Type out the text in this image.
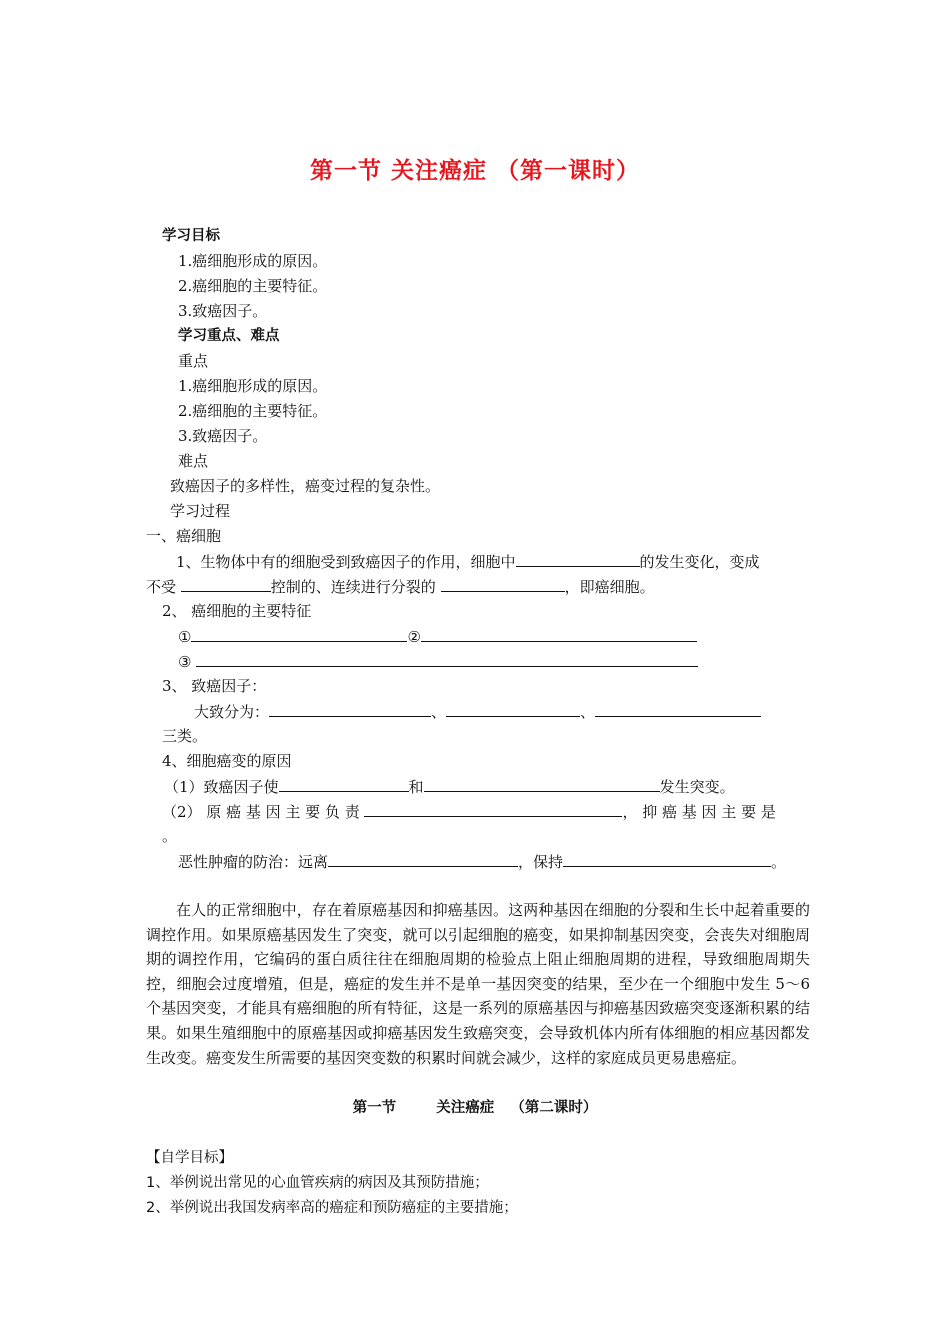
第一节 关注癌症 （第一课时）
学习目标
1.癌细胞形成的原因。
2.癌细胞的主要特征。
3.致癌因子。
学习重点、难点
重点
1.癌细胞形成的原因。
2.癌细胞的主要特征。
3.致癌因子。
难点
致癌因子的多样性，癌变过程的复杂性。
学习过程
一、癌细胞
1、生物体中有的细胞受到致癌因子的作用，细胞中	的发生变化，变成
不受	控制的、连续进行分裂的	，即癌细胞。
2、 癌细胞的主要特征
①	②
③
3、 致癌因子：
大致分为：	、	、
三类。
4、细胞癌变的原因
（1）致癌因子使	和	发生突变。
（2） 原 癌 基 因 主 要 负 责	， 抑 癌 基 因 主 要 是
。
恶性肿瘤的防治：远离	，保持	。
在人的正常细胞中，存在着原癌基因和抑癌基因。这两种基因在细胞的分裂和生长中起着重要的调控作用。如果原癌基因发生了突变，就可以引起细胞的癌变，如果抑制基因突变，会丧失对细胞周期的调控作用，它编码的蛋白质往往在细胞周期的检验点上阻止细胞周期的进程，导致细胞周期失控，细胞会过度增殖，但是，癌症的发生并不是单一基因突变的结果，至少在一个细胞中发生 5～6 个基因突变，才能具有癌细胞的所有特征，这是一系列的原癌基因与抑癌基因致癌突变逐渐积累的结果。如果生殖细胞中的原癌基因或抑癌基因发生致癌突变，会导致机体内所有体细胞的相应基因都发生改变。癌变发生所需要的基因突变数的积累时间就会减少，这样的家庭成员更易患癌症。
第一节	关注癌症 （第二课时）
【自学目标】
1、举例说出常见的心血管疾病的病因及其预防措施；
2、举例说出我国发病率高的癌症和预防癌症的主要措施；
